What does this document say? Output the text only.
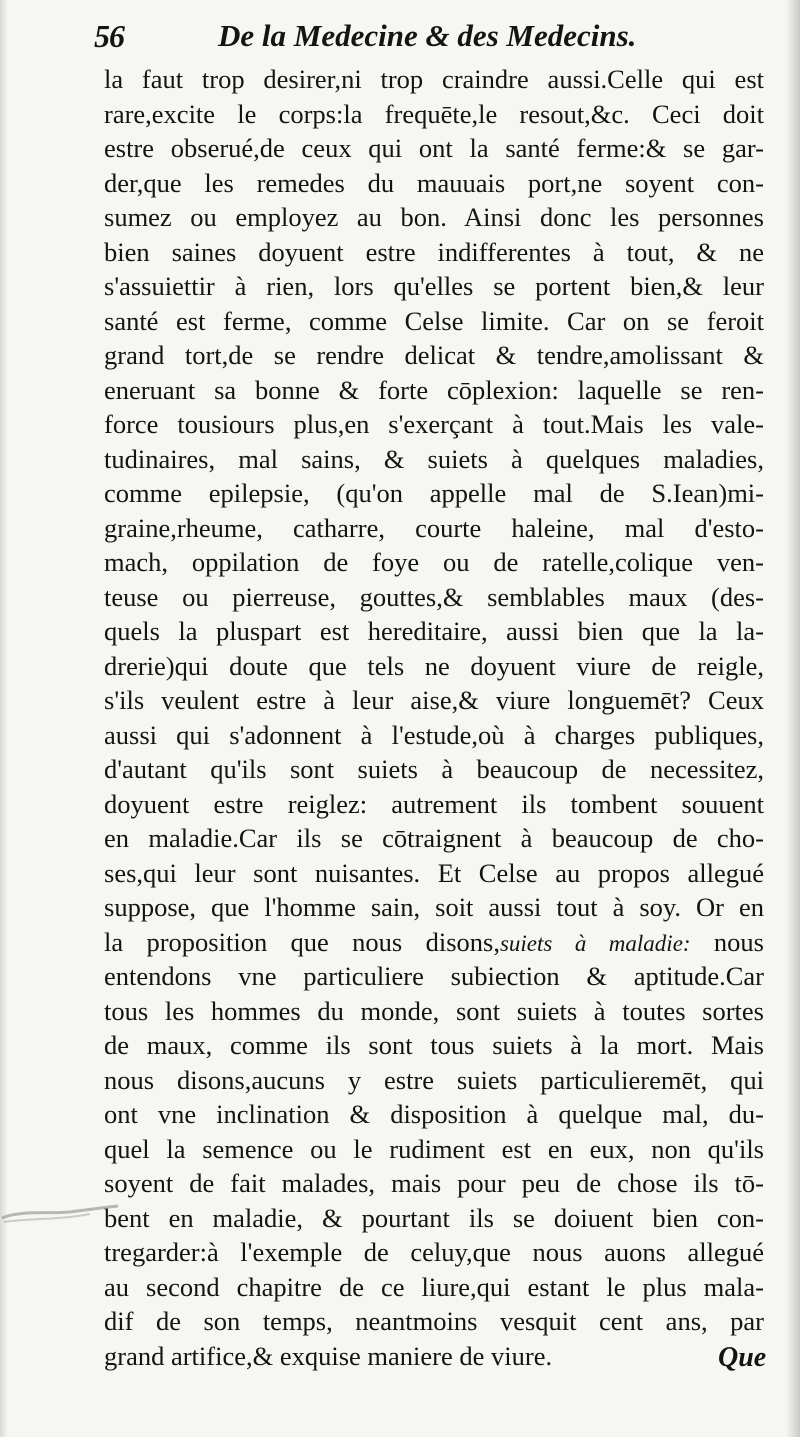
56	De la Medecine & des Medecins.
la faut trop desirer,ni trop craindre aussi.Celle qui est
rare,excite le corps:la frequēte,le resout,&c. Ceci doit
estre obserué,de ceux qui ont la santé ferme:& se gar-
der,que les remedes du mauuais port,ne soyent con-
sumez ou employez au bon. Ainsi donc les personnes
bien saines doyuent estre indifferentes à tout, & ne
s'assuiettir à rien, lors qu'elles se portent bien,& leur
santé est ferme, comme Celse limite. Car on se feroit
grand tort,de se rendre delicat & tendre,amolissant &
eneruant sa bonne & forte cōplexion: laquelle se ren-
force tousiours plus,en s'exerçant à tout.Mais les vale-
tudinaires, mal sains, & suiets à quelques maladies,
comme epilepsie, (qu'on appelle mal de S.Iean)mi-
graine,rheume, catharre, courte haleine, mal d'esto-
mach, oppilation de foye ou de ratelle,colique ven-
teuse ou pierreuse, gouttes,& semblables maux (des-
quels la pluspart est hereditaire, aussi bien que la la-
drerie)qui doute que tels ne doyuent viure de reigle,
s'ils veulent estre à leur aise,& viure longuemēt? Ceux
aussi qui s'adonnent à l'estude,où à charges publiques,
d'autant qu'ils sont suiets à beaucoup de necessitez,
doyuent estre reiglez: autrement ils tombent souuent
en maladie.Car ils se cōtraignent à beaucoup de cho-
ses,qui leur sont nuisantes. Et Celse au propos allegué
suppose, que l'homme sain, soit aussi tout à soy. Or en
la proposition que nous disons,suiets à maladie: nous
entendons vne particuliere subiection & aptitude.Car
tous les hommes du monde, sont suiets à toutes sortes
de maux, comme ils sont tous suiets à la mort. Mais
nous disons,aucuns y estre suiets particulieremēt, qui
ont vne inclination & disposition à quelque mal, du-
quel la semence ou le rudiment est en eux, non qu'ils
soyent de fait malades, mais pour peu de chose ils tō-
bent en maladie, & pourtant ils se doiuent bien con-
tregarder:à l'exemple de celuy,que nous auons allegué
au second chapitre de ce liure,qui estant le plus mala-
dif de son temps, neantmoins vesquit cent ans, par
grand artifice,& exquise maniere de viure.	Que
